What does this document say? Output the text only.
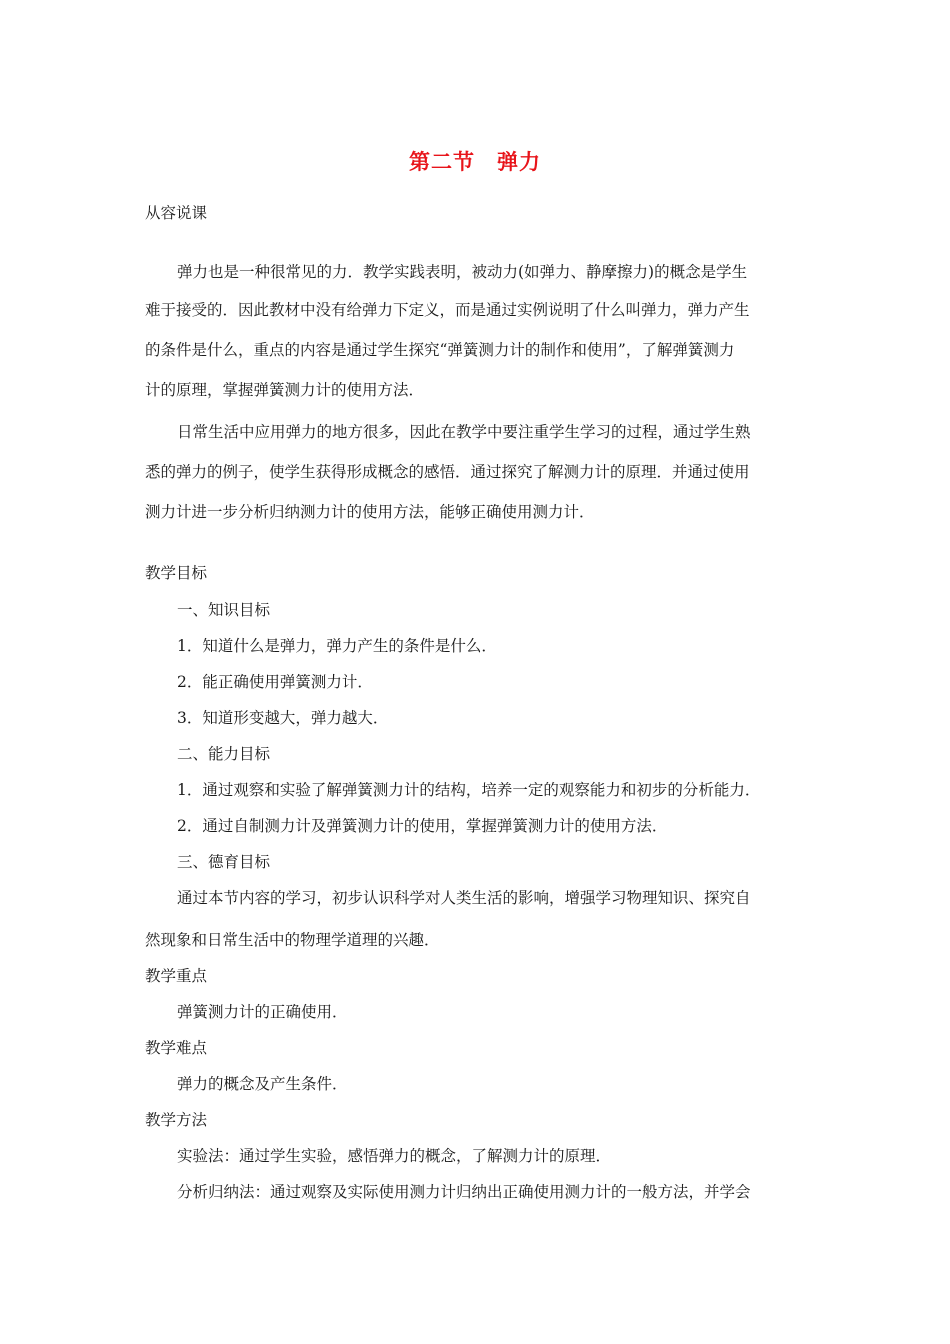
第二节　弹力
从容说课
弹力也是一种很常见的力．教学实践表明，被动力(如弹力、静摩擦力)的概念是学生
难于接受的．因此教材中没有给弹力下定义，而是通过实例说明了什么叫弹力，弹力产生
的条件是什么，重点的内容是通过学生探究“弹簧测力计的制作和使用”，了解弹簧测力
计的原理，掌握弹簧测力计的使用方法．
日常生活中应用弹力的地方很多，因此在教学中要注重学生学习的过程，通过学生熟
悉的弹力的例子，使学生获得形成概念的感悟．通过探究了解测力计的原理．并通过使用
测力计进一步分析归纳测力计的使用方法，能够正确使用测力计．
教学目标
一、知识目标
1．知道什么是弹力，弹力产生的条件是什么．
2．能正确使用弹簧测力计．
3．知道形变越大，弹力越大．
二、能力目标
1．通过观察和实验了解弹簧测力计的结构，培养一定的观察能力和初步的分析能力．
2．通过自制测力计及弹簧测力计的使用，掌握弹簧测力计的使用方法．
三、德育目标
通过本节内容的学习，初步认识科学对人类生活的影响，增强学习物理知识、探究自
然现象和日常生活中的物理学道理的兴趣．
教学重点
弹簧测力计的正确使用．
教学难点
弹力的概念及产生条件．
教学方法
实验法：通过学生实验，感悟弹力的概念，了解测力计的原理．
分析归纳法：通过观察及实际使用测力计归纳出正确使用测力计的一般方法，并学会
